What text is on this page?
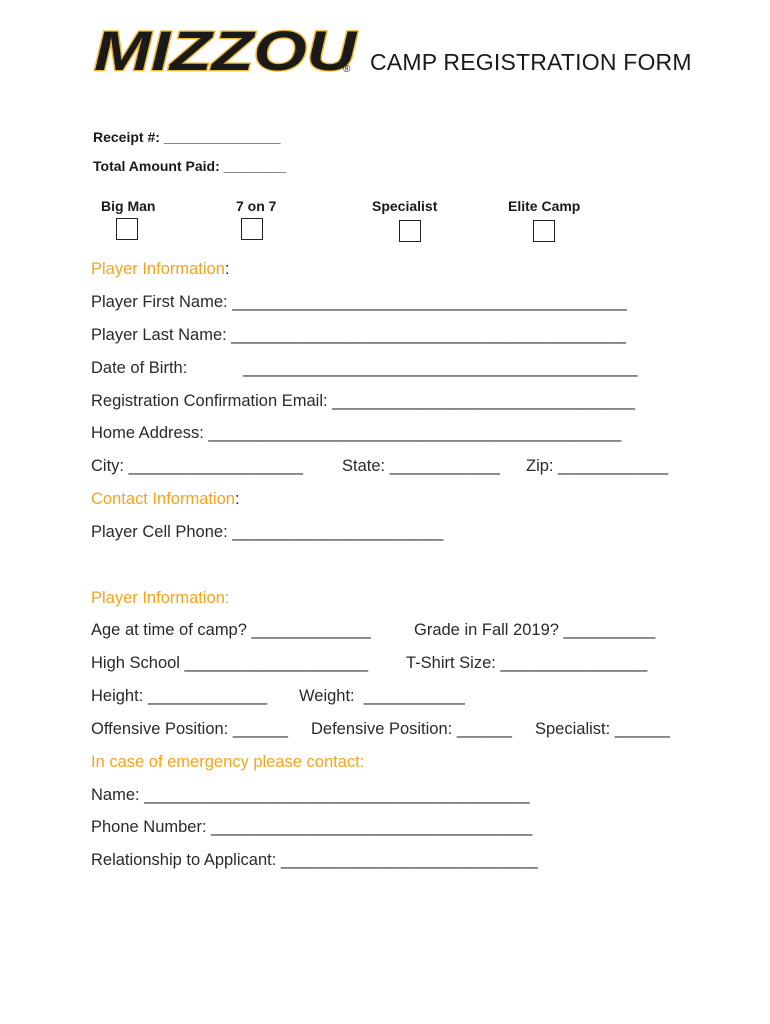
MIZZOU
® CAMP REGISTRATION FORM
Receipt #: _______________
Total Amount Paid: ________
Big Man	7 on 7	Specialist	Elite Camp
Player Information:
Player First Name: ___________________________________________
Player Last Name: ___________________________________________
Date of Birth:	___________________________________________
Registration Confirmation Email: _________________________________
Home Address: _____________________________________________
City: ___________________ State: ____________ Zip: ____________
Contact Information:
Player Cell Phone: _______________________
Player Information:
Age at time of camp? _____________	Grade in Fall 2019? __________
High School ____________________ T-Shirt Size: ________________
Height: _____________ Weight:  ___________
Offensive Position: ______ Defensive Position: ______ Specialist: ______
In case of emergency please contact:
Name: __________________________________________
Phone Number: ___________________________________
Relationship to Applicant: ____________________________
